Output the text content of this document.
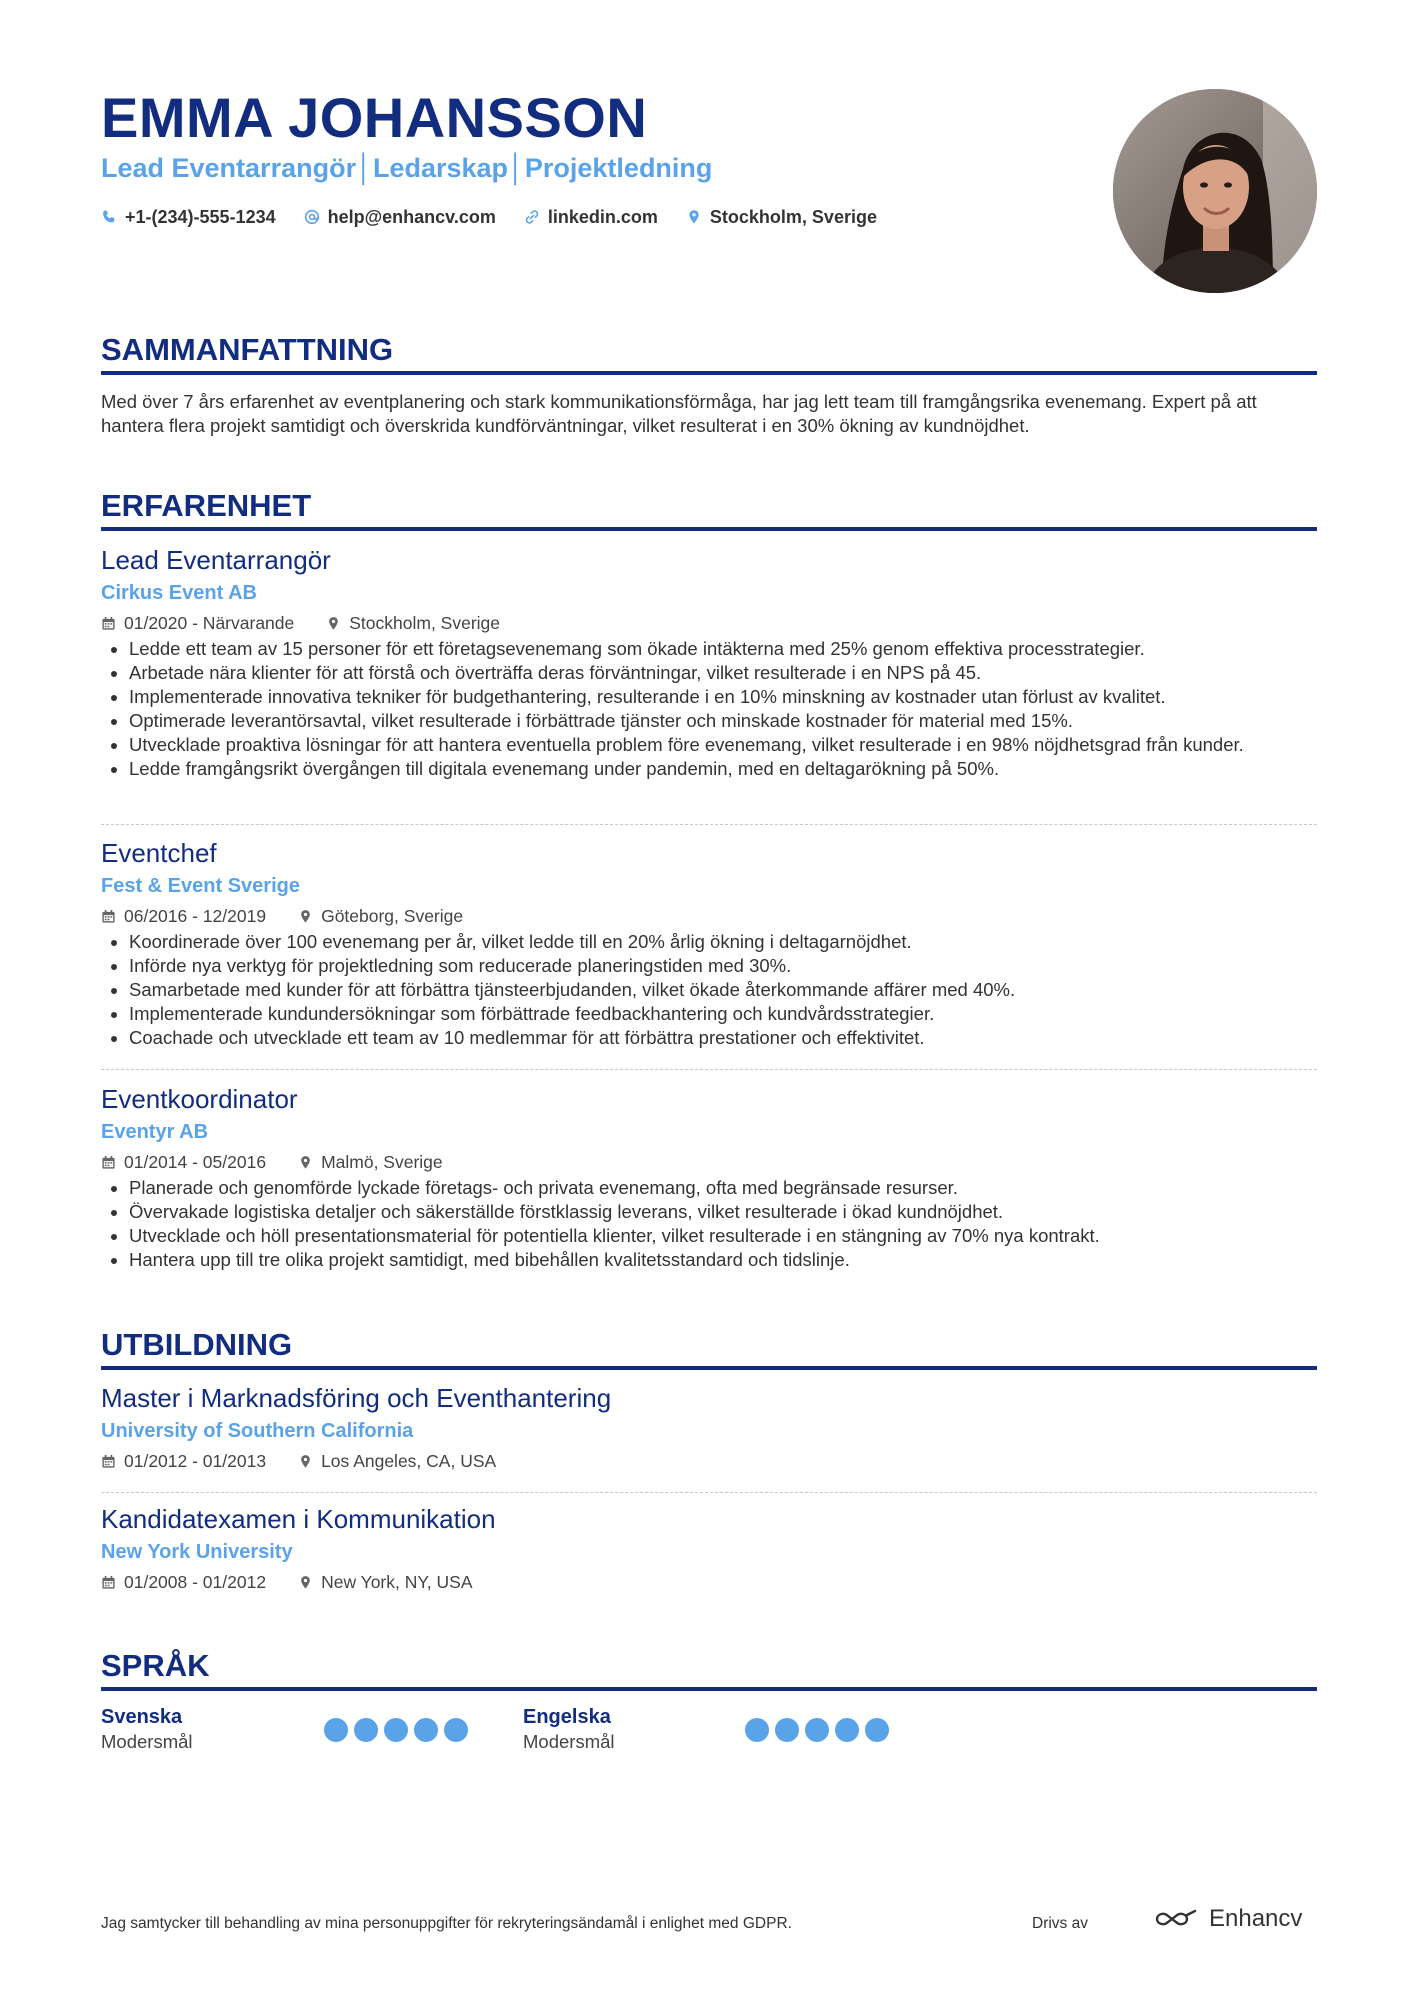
EMMA JOHANSSON

Lead Eventarrangör│Ledarskap│Projektledning

+1-(234)-555-1234	help@enhancv.com	linkedin.com	Stockholm, Sverige
SAMMANFATTNING

Med över 7 års erfarenhet av eventplanering och stark kommunikationsförmåga, har jag lett team till framgångsrika evenemang. Expert på att hantera flera projekt samtidigt och överskrida kundförväntningar, vilket resulterat i en 30% ökning av kundnöjdhet.

ERFARENHET

Lead Eventarrangör

Cirkus Event AB

01/2020 - Närvarande	Stockholm, Sverige
• Ledde ett team av 15 personer för ett företagsevenemang som ökade intäkterna med 25% genom effektiva processtrategier.
• Arbetade nära klienter för att förstå och överträffa deras förväntningar, vilket resulterade i en NPS på 45.
• Implementerade innovativa tekniker för budgethantering, resulterande i en 10% minskning av kostnader utan förlust av kvalitet.
• Optimerade leverantörsavtal, vilket resulterade i förbättrade tjänster och minskade kostnader för material med 15%.
• Utvecklade proaktiva lösningar för att hantera eventuella problem före evenemang, vilket resulterade i en 98% nöjdhetsgrad från kunder.
• Ledde framgångsrikt övergången till digitala evenemang under pandemin, med en deltagarökning på 50%.

Eventchef

Fest & Event Sverige

06/2016 - 12/2019	Göteborg, Sverige
• Koordinerade över 100 evenemang per år, vilket ledde till en 20% årlig ökning i deltagarnöjdhet.
• Införde nya verktyg för projektledning som reducerade planeringstiden med 30%.
• Samarbetade med kunder för att förbättra tjänsteerbjudanden, vilket ökade återkommande affärer med 40%.
• Implementerade kundundersökningar som förbättrade feedbackhantering och kundvårdsstrategier.
• Coachade och utvecklade ett team av 10 medlemmar för att förbättra prestationer och effektivitet.

Eventkoordinator

Eventyr AB

01/2014 - 05/2016	Malmö, Sverige
• Planerade och genomförde lyckade företags- och privata evenemang, ofta med begränsade resurser.
• Övervakade logistiska detaljer och säkerställde förstklassig leverans, vilket resulterade i ökad kundnöjdhet.
• Utvecklade och höll presentationsmaterial för potentiella klienter, vilket resulterade i en stängning av 70% nya kontrakt.
• Hantera upp till tre olika projekt samtidigt, med bibehållen kvalitetsstandard och tidslinje.
UTBILDNING

Master i Marknadsföring och Eventhantering

University of Southern California

01/2012 - 01/2013	Los Angeles, CA, USA

Kandidatexamen i Kommunikation

New York University

01/2008 - 01/2012	New York, NY, USA
SPRÅK
Svenska
Modersmål
Engelska
Modersmål
Jag samtycker till behandling av mina personuppgifter för rekryteringsändamål i enlighet med GDPR.	Drivs av	Enhancv
